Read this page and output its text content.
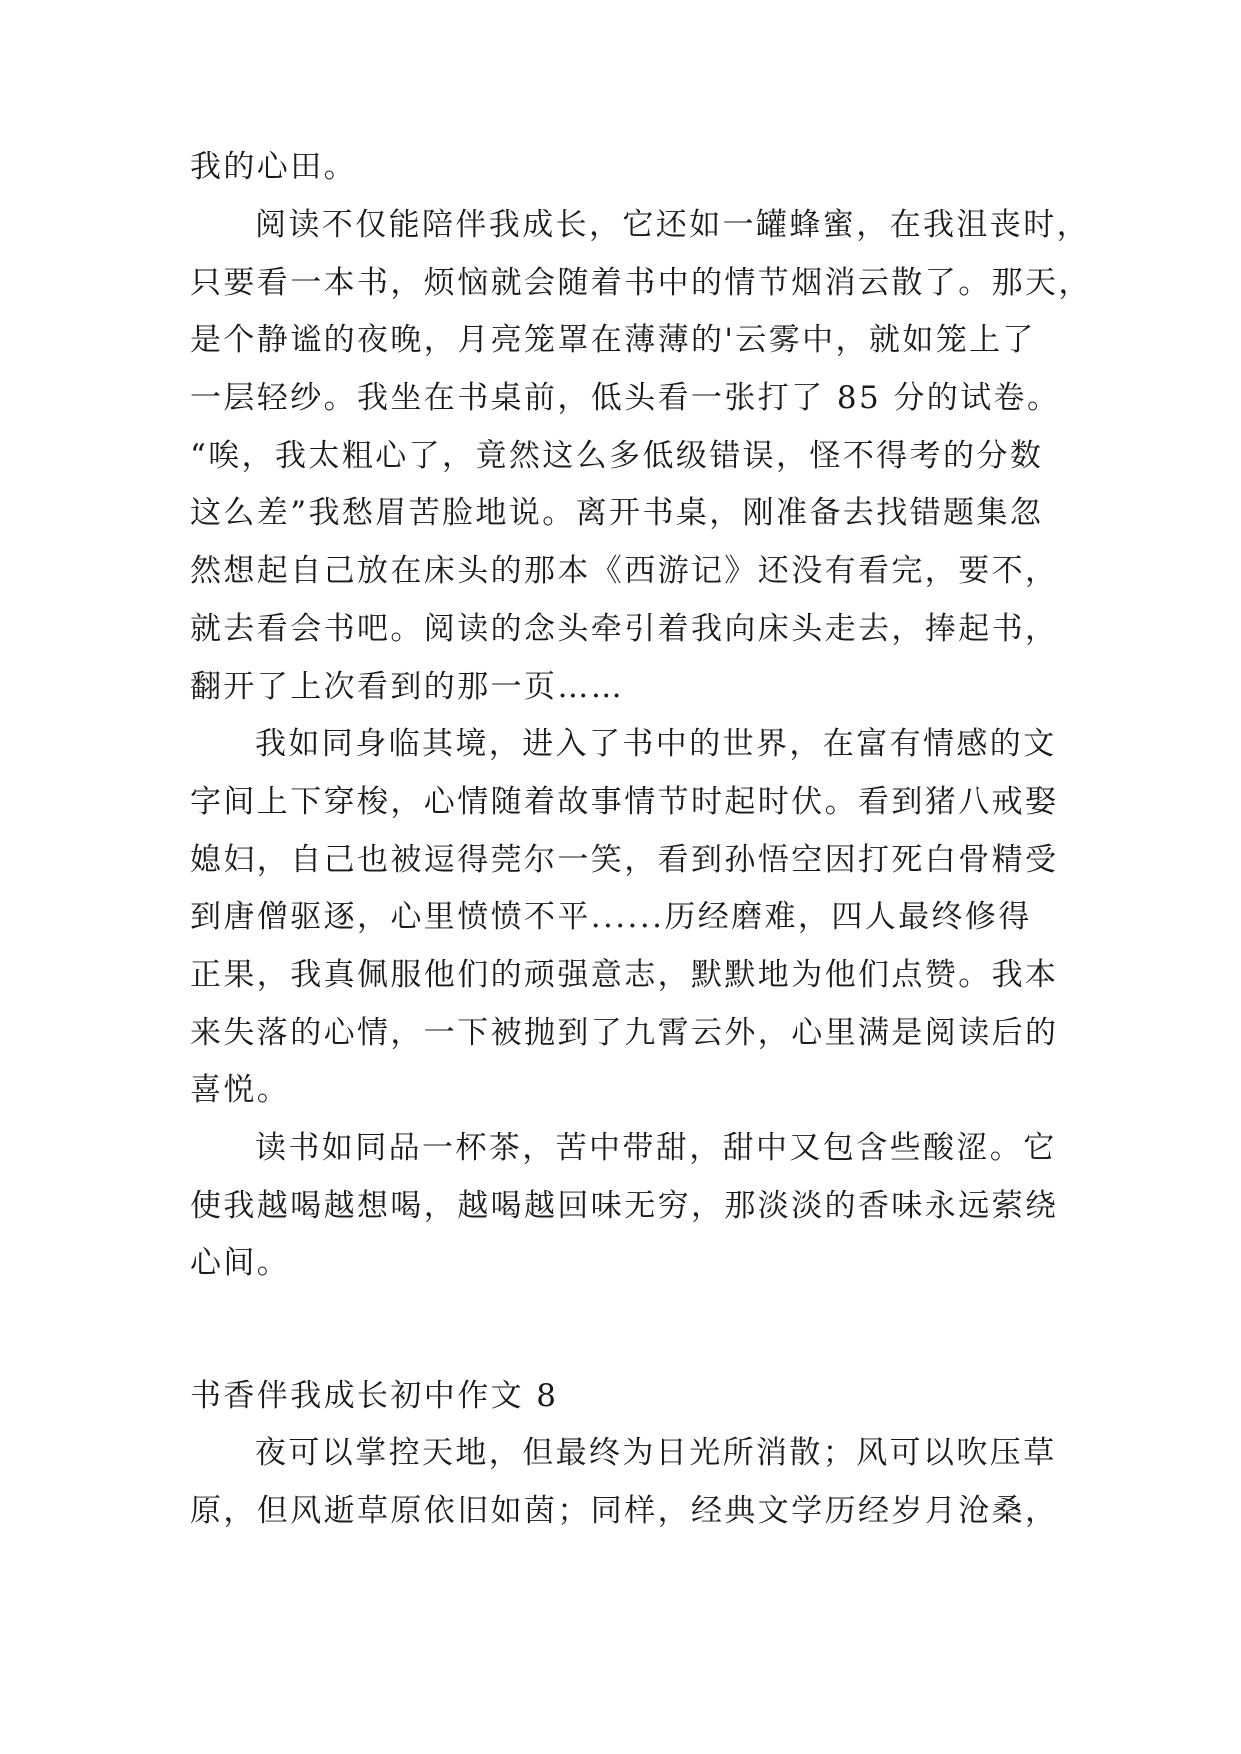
我的心田。
阅读不仅能陪伴我成长，它还如一罐蜂蜜，在我沮丧时，
只要看一本书，烦恼就会随着书中的情节烟消云散了。那天，
是个静谧的夜晚，月亮笼罩在薄薄的'云雾中，就如笼上了
一层轻纱。我坐在书桌前，低头看一张打了 85 分的试卷。
“唉，我太粗心了，竟然这么多低级错误，怪不得考的分数
这么差”我愁眉苦脸地说。离开书桌，刚准备去找错题集忽
然想起自己放在床头的那本《西游记》还没有看完，要不，
就去看会书吧。阅读的念头牵引着我向床头走去，捧起书，
翻开了上次看到的那一页……
我如同身临其境，进入了书中的世界，在富有情感的文
字间上下穿梭，心情随着故事情节时起时伏。看到猪八戒娶
媳妇，自己也被逗得莞尔一笑，看到孙悟空因打死白骨精受
到唐僧驱逐，心里愤愤不平......历经磨难，四人最终修得
正果，我真佩服他们的顽强意志，默默地为他们点赞。我本
来失落的心情，一下被抛到了九霄云外，心里满是阅读后的
喜悦。
读书如同品一杯茶，苦中带甜，甜中又包含些酸涩。它
使我越喝越想喝，越喝越回味无穷，那淡淡的香味永远萦绕
心间。
书香伴我成长初中作文 8
夜可以掌控天地，但最终为日光所消散；风可以吹压草
原，但风逝草原依旧如茵；同样，经典文学历经岁月沧桑，
